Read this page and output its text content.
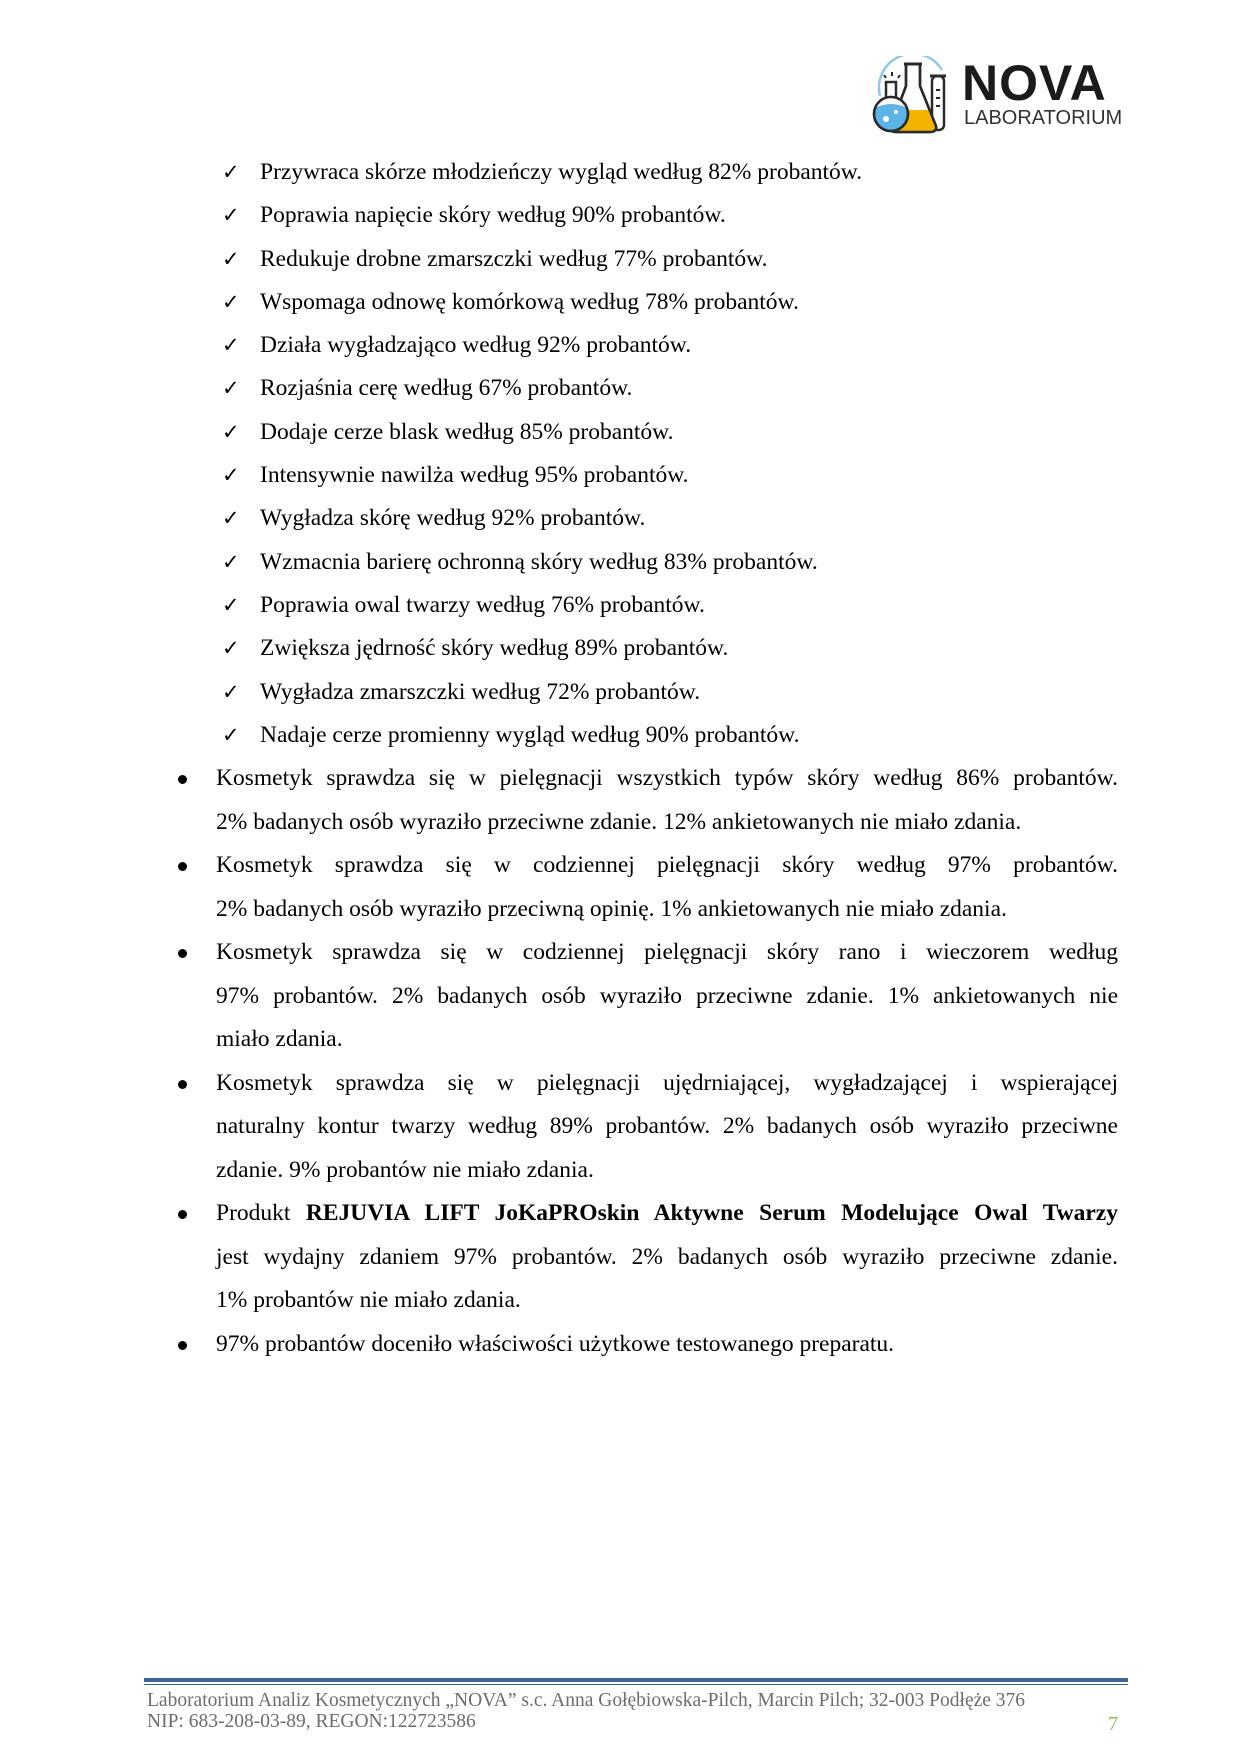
NOVA
LABORATORIUM
✓ Przywraca skórze młodzieńczy wygląd według 82% probantów.
✓ Poprawia napięcie skóry według 90% probantów.
✓ Redukuje drobne zmarszczki według 77% probantów.
✓ Wspomaga odnowę komórkową według 78% probantów.
✓ Działa wygładzająco według 92% probantów.
✓ Rozjaśnia cerę według 67% probantów.
✓ Dodaje cerze blask według 85% probantów.
✓ Intensywnie nawilża według 95% probantów.
✓ Wygładza skórę według 92% probantów.
✓ Wzmacnia barierę ochronną skóry według 83% probantów.
✓ Poprawia owal twarzy według 76% probantów.
✓ Zwiększa jędrność skóry według 89% probantów.
✓ Wygładza zmarszczki według 72% probantów.
✓ Nadaje cerze promienny wygląd według 90% probantów.
Kosmetyk sprawdza się w pielęgnacji wszystkich typów skóry według 86% probantów.
2% badanych osób wyraziło przeciwne zdanie. 12% ankietowanych nie miało zdania.
Kosmetyk sprawdza się w codziennej pielęgnacji skóry według 97% probantów.
2% badanych osób wyraziło przeciwną opinię. 1% ankietowanych nie miało zdania.
Kosmetyk sprawdza się w codziennej pielęgnacji skóry rano i wieczorem według
97% probantów. 2% badanych osób wyraziło przeciwne zdanie. 1% ankietowanych nie
miało zdania.
Kosmetyk sprawdza się w pielęgnacji ujędrniającej, wygładzającej i wspierającej
naturalny kontur twarzy według 89% probantów. 2% badanych osób wyraziło przeciwne
zdanie. 9% probantów nie miało zdania.
Produkt REJUVIA LIFT JoKaPROskin Aktywne Serum Modelujące Owal Twarzy
jest wydajny zdaniem 97% probantów. 2% badanych osób wyraziło przeciwne zdanie.
1% probantów nie miało zdania.
97% probantów doceniło właściwości użytkowe testowanego preparatu.
Laboratorium Analiz Kosmetycznych „NOVA” s.c. Anna Gołębiowska-Pilch, Marcin Pilch; 32-003 Podłęże 376
NIP: 683-208-03-89, REGON:122723586	7
